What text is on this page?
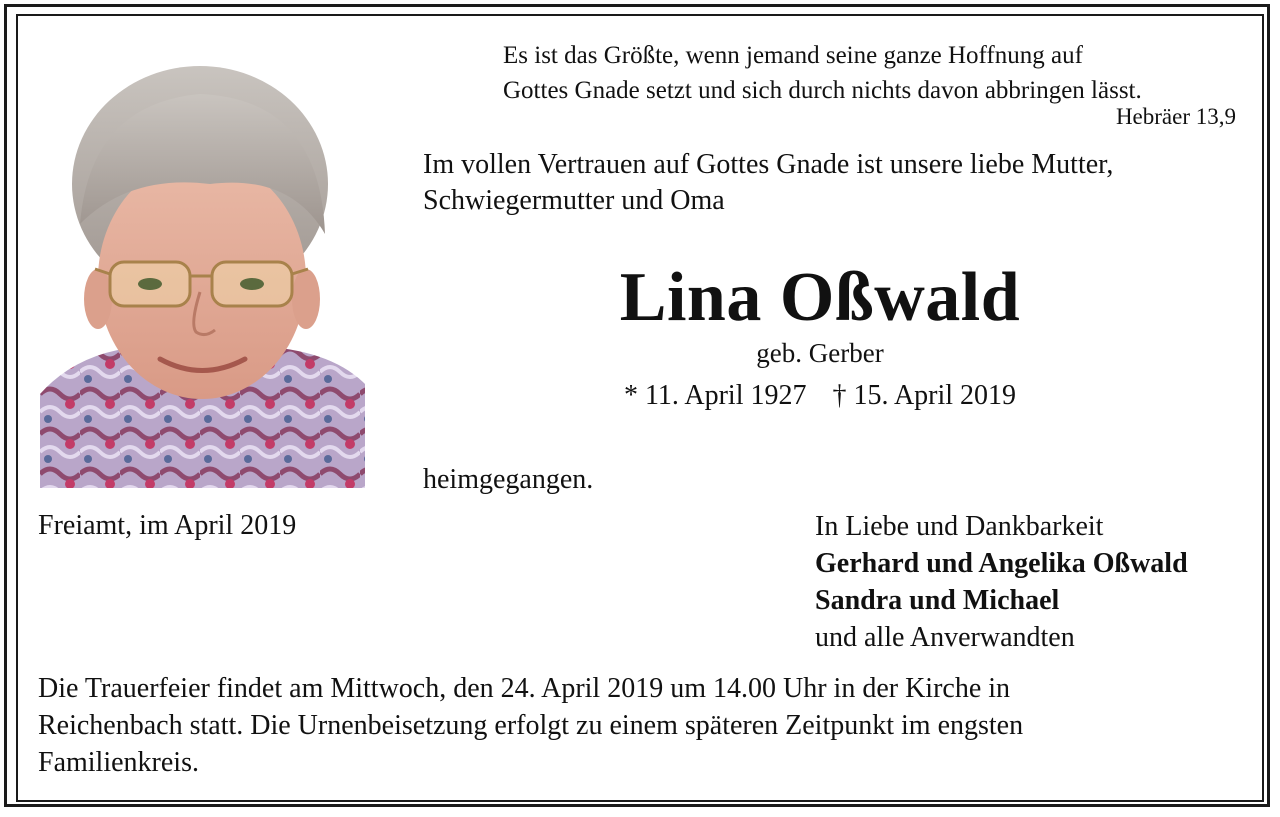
Es ist das Größte, wenn jemand seine ganze Hoffnung auf
Gottes Gnade setzt und sich durch nichts davon abbringen lässt.

Hebräer 13,9

Im vollen Vertrauen auf Gottes Gnade ist unsere liebe Mutter,
Schwiegermutter und Oma

Lina Oßwald

geb. Gerber

* 11. April 1927 † 15. April 2019

heimgegangen.

Freiamt, im April 2019	In Liebe und Dankbarkeit
Gerhard und Angelika Oßwald
Sandra und Michael
und alle Anverwandten

Die Trauerfeier findet am Mittwoch, den 24. April 2019 um 14.00 Uhr in der Kirche in
Reichenbach statt. Die Urnenbeisetzung erfolgt zu einem späteren Zeitpunkt im engsten
Familienkreis.
